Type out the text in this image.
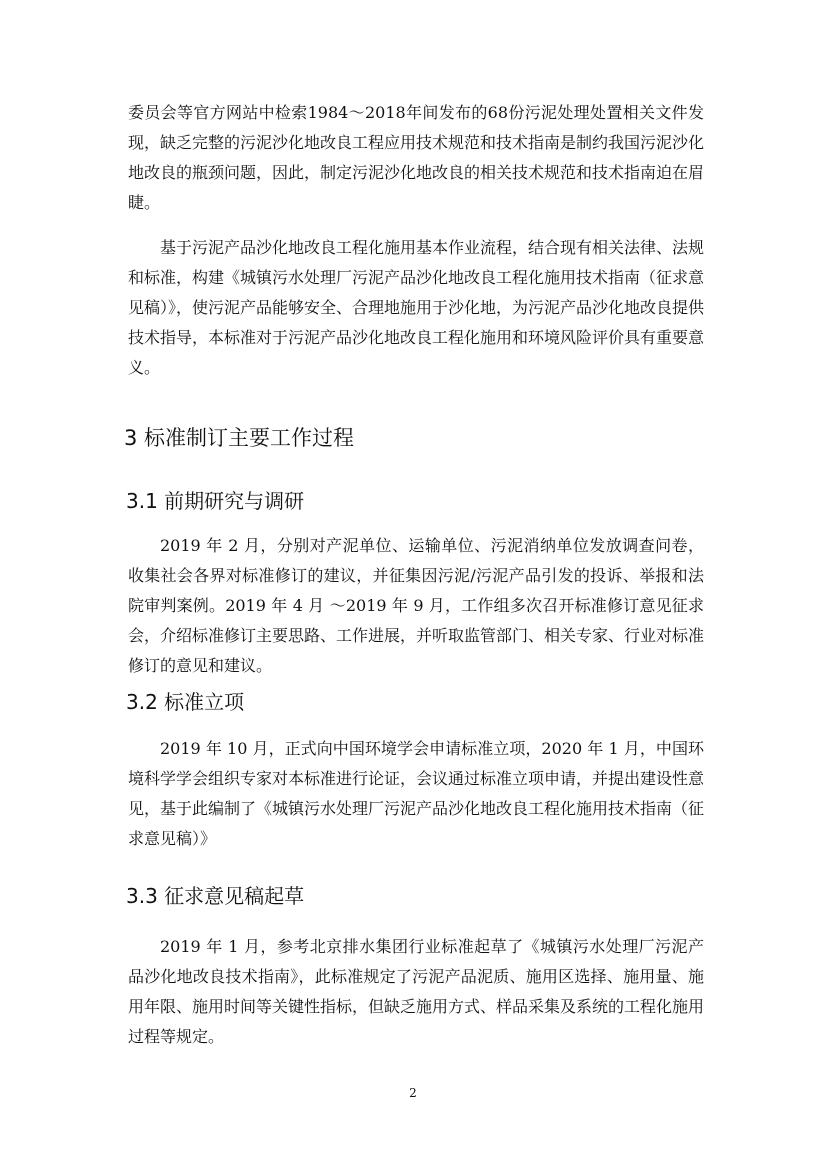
委员会等官方网站中检索1984～2018年间发布的68份污泥处理处置相关文件发现，缺乏完整的污泥沙化地改良工程应用技术规范和技术指南是制约我国污泥沙化地改良的瓶颈问题，因此，制定污泥沙化地改良的相关技术规范和技术指南迫在眉睫。

基于污泥产品沙化地改良工程化施用基本作业流程，结合现有相关法律、法规和标准，构建《城镇污水处理厂污泥产品沙化地改良工程化施用技术指南（征求意见稿）》，使污泥产品能够安全、合理地施用于沙化地，为污泥产品沙化地改良提供技术指导，本标准对于污泥产品沙化地改良工程化施用和环境风险评价具有重要意义。

3 标准制订主要工作过程
3.1 前期研究与调研

2019 年 2 月，分别对产泥单位、运输单位、污泥消纳单位发放调查问卷，收集社会各界对标准修订的建议，并征集因污泥/污泥产品引发的投诉、举报和法院审判案例。2019 年 4 月 ～2019 年 9 月，工作组多次召开标准修订意见征求会，介绍标准修订主要思路、工作进展，并听取监管部门、相关专家、行业对标准修订的意见和建议。

3.2 标准立项

2019 年 10 月，正式向中国环境学会申请标准立项，2020 年 1 月，中国环境科学学会组织专家对本标准进行论证，会议通过标准立项申请，并提出建设性意见，基于此编制了《城镇污水处理厂污泥产品沙化地改良工程化施用技术指南（征求意见稿）》

3.3 征求意见稿起草

2019 年 1 月，参考北京排水集团行业标准起草了《城镇污水处理厂污泥产品沙化地改良技术指南》，此标准规定了污泥产品泥质、施用区选择、施用量、施用年限、施用时间等关键性指标，但缺乏施用方式、样品采集及系统的工程化施用过程等规定。

2
